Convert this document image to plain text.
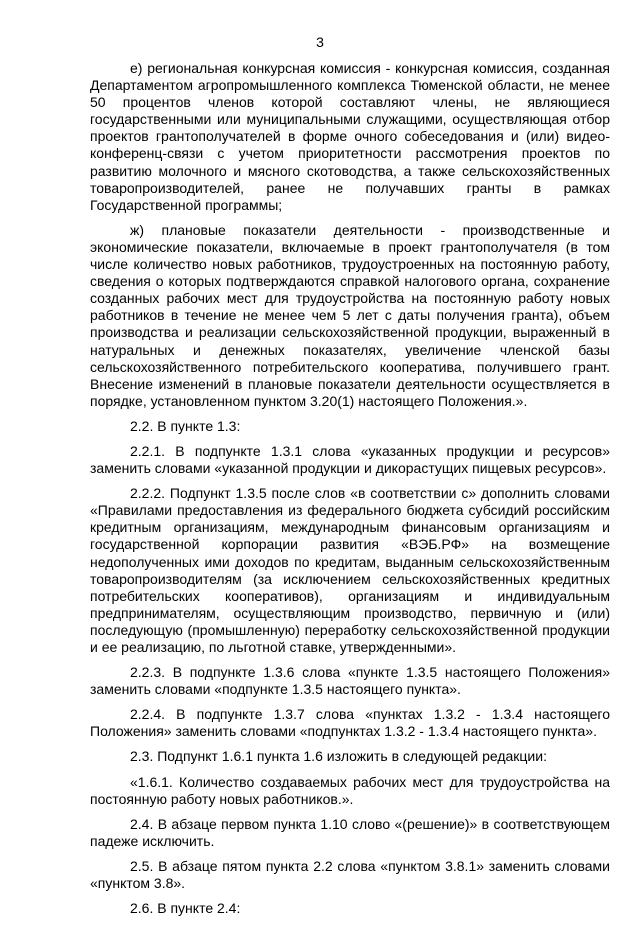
3

е) региональная конкурсная комиссия - конкурсная комиссия, созданная Департаментом агропромышленного комплекса Тюменской области, не менее 50 процентов членов которой составляют члены, не являющиеся государственными или муниципальными служащими, осуществляющая отбор проектов грантополучателей в форме очного собеседования и (или) видео-конференц-связи с учетом приоритетности рассмотрения проектов по развитию молочного и мясного скотоводства, а также сельскохозяйственных товаропроизводителей, ранее не получавших гранты в рамках Государственной программы;

ж) плановые показатели деятельности - производственные и экономические показатели, включаемые в проект грантополучателя (в том числе количество новых работников, трудоустроенных на постоянную работу, сведения о которых подтверждаются справкой налогового органа, сохранение созданных рабочих мест для трудоустройства на постоянную работу новых работников в течение не менее чем 5 лет с даты получения гранта), объем производства и реализации сельскохозяйственной продукции, выраженный в натуральных и денежных показателях, увеличение членской базы сельскохозяйственного потребительского кооператива, получившего грант. Внесение изменений в плановые показатели деятельности осуществляется в порядке, установленном пунктом 3.20(1) настоящего Положения.».

2.2. В пункте 1.3:

2.2.1. В подпункте 1.3.1 слова «указанных продукции и ресурсов» заменить словами «указанной продукции и дикорастущих пищевых ресурсов».

2.2.2. Подпункт 1.3.5 после слов «в соответствии с» дополнить словами «Правилами предоставления из федерального бюджета субсидий российским кредитным организациям, международным финансовым организациям и государственной корпорации развития «ВЭБ.РФ» на возмещение недополученных ими доходов по кредитам, выданным сельскохозяйственным товаропроизводителям (за исключением сельскохозяйственных кредитных потребительских кооперативов), организациям и индивидуальным предпринимателям, осуществляющим производство, первичную и (или) последующую (промышленную) переработку сельскохозяйственной продукции и ее реализацию, по льготной ставке, утвержденными».

2.2.3. В подпункте 1.3.6 слова «пункте 1.3.5 настоящего Положения» заменить словами «подпункте 1.3.5 настоящего пункта».

2.2.4. В подпункте 1.3.7 слова «пунктах 1.3.2 - 1.3.4 настоящего Положения» заменить словами «подпунктах 1.3.2 - 1.3.4 настоящего пункта».

2.3. Подпункт 1.6.1 пункта 1.6 изложить в следующей редакции:

«1.6.1. Количество создаваемых рабочих мест для трудоустройства на постоянную работу новых работников.».

2.4. В абзаце первом пункта 1.10 слово «(решение)» в соответствующем падеже исключить.

2.5. В абзаце пятом пункта 2.2 слова «пунктом 3.8.1» заменить словами «пунктом 3.8».

2.6. В пункте 2.4:
